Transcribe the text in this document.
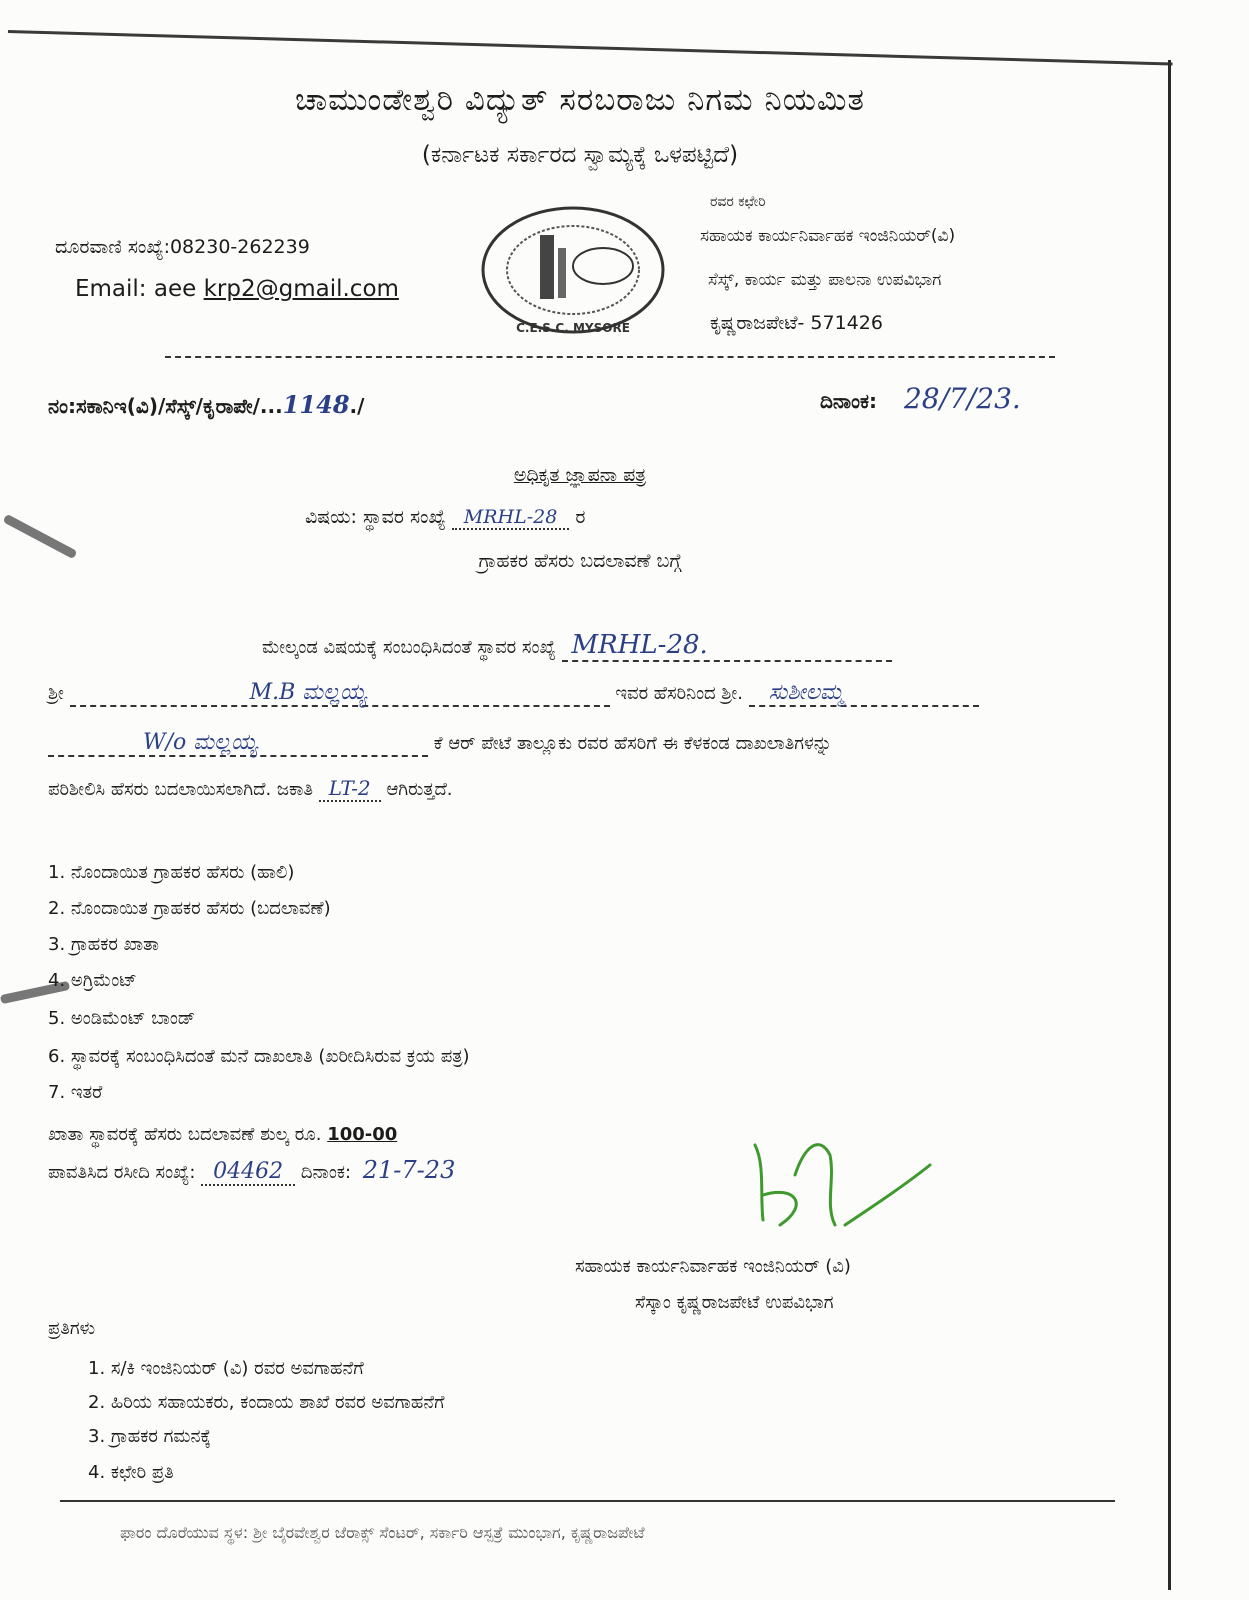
ಚಾಮುಂಡೇಶ್ವರಿ ವಿದ್ಯುತ್ ಸರಬರಾಜು ನಿಗಮ ನಿಯಮಿತ
(ಕರ್ನಾಟಕ ಸರ್ಕಾರದ ಸ್ವಾಮ್ಯಕ್ಕೆ ಒಳಪಟ್ಟಿದೆ)
ದೂರವಾಣಿ ಸಂಖ್ಯೆ:08230-262239
Email: aee krp2@gmail.com
C.E.S.C. MYSORE
ರವರ ಕಛೇರಿ
ಸಹಾಯಕ ಕಾರ್ಯನಿರ್ವಾಹಕ ಇಂಜಿನಿಯರ್(ವಿ)
ಸೆಸ್ಕ್, ಕಾರ್ಯ ಮತ್ತು ಪಾಲನಾ ಉಪವಿಭಾಗ
ಕೃಷ್ಣರಾಜಪೇಟೆ- 571426
ನಂ:ಸಕಾನಿಇ(ವಿ)/ಸೆಸ್ಕ್/ಕೃರಾಪೇ/...1148./	ದಿನಾಂಕ: 28/7/23.
ಅಧಿಕೃತ ಜ್ಞಾಪನಾ ಪತ್ರ
ವಿಷಯ: ಸ್ಥಾವರ ಸಂಖ್ಯೆ MRHL-28 ರ
ಗ್ರಾಹಕರ ಹೆಸರು ಬದಲಾವಣೆ ಬಗ್ಗೆ
ಮೇಲ್ಕಂಡ ವಿಷಯಕ್ಕೆ ಸಂಬಂಧಿಸಿದಂತೆ ಸ್ಥಾವರ ಸಂಖ್ಯೆ MRHL-28.
ಶ್ರೀ	M.B ಮಲ್ಲಯ್ಯ	ಇವರ ಹೆಸರಿನಿಂದ ಶ್ರೀ. ಸುಶೀಲಮ್ಮ
W/o ಮಲ್ಲಯ್ಯ	ಕೆ ಆರ್ ಪೇಟೆ ತಾಲ್ಲೂಕು ರವರ ಹೆಸರಿಗೆ ಈ ಕೆಳಕಂಡ ದಾಖಲಾತಿಗಳನ್ನು
ಪರಿಶೀಲಿಸಿ ಹೆಸರು ಬದಲಾಯಿಸಲಾಗಿದೆ. ಜಕಾತಿ LT-2 ಆಗಿರುತ್ತದೆ.
1. ನೊಂದಾಯಿತ ಗ್ರಾಹಕರ ಹೆಸರು (ಹಾಲಿ)
2. ನೊಂದಾಯಿತ ಗ್ರಾಹಕರ ಹೆಸರು (ಬದಲಾವಣೆ)
3. ಗ್ರಾಹಕರ ಖಾತಾ
4. ಅಗ್ರಿಮೆಂಟ್
5. ಅಂಡಿಮೆಂಟ್ ಬಾಂಡ್
6. ಸ್ಥಾವರಕ್ಕೆ ಸಂಬಂಧಿಸಿದಂತೆ ಮನೆ ದಾಖಲಾತಿ (ಖರೀದಿಸಿರುವ ಕ್ರಯ ಪತ್ರ)
7. ಇತರೆ
ಖಾತಾ ಸ್ಥಾವರಕ್ಕೆ ಹೆಸರು ಬದಲಾವಣೆ ಶುಲ್ಕ ರೂ. 100-00
ಪಾವತಿಸಿದ ರಸೀದಿ ಸಂಖ್ಯೆ: 04462 ದಿನಾಂಕ: 21-7-23
ಸಹಾಯಕ ಕಾರ್ಯನಿರ್ವಾಹಕ ಇಂಜಿನಿಯರ್ (ವಿ)
ಸೆಸ್ಕಾಂ ಕೃಷ್ಣರಾಜಪೇಟೆ ಉಪವಿಭಾಗ
ಪ್ರತಿಗಳು
1. ಸ/ಕಿ ಇಂಜಿನಿಯರ್ (ವಿ) ರವರ ಅವಗಾಹನೆಗೆ
2. ಹಿರಿಯ ಸಹಾಯಕರು, ಕಂದಾಯ ಶಾಖೆ ರವರ ಅವಗಾಹನೆಗೆ
3. ಗ್ರಾಹಕರ ಗಮನಕ್ಕೆ
4. ಕಛೇರಿ ಪ್ರತಿ
ಫಾರಂ ದೊರೆಯುವ ಸ್ಥಳ: ಶ್ರೀ ಬೈರವೇಶ್ವರ ಜೆರಾಕ್ಸ್ ಸೆಂಟರ್, ಸರ್ಕಾರಿ ಆಸ್ಪತ್ರೆ ಮುಂಭಾಗ, ಕೃಷ್ಣರಾಜಪೇಟೆ
